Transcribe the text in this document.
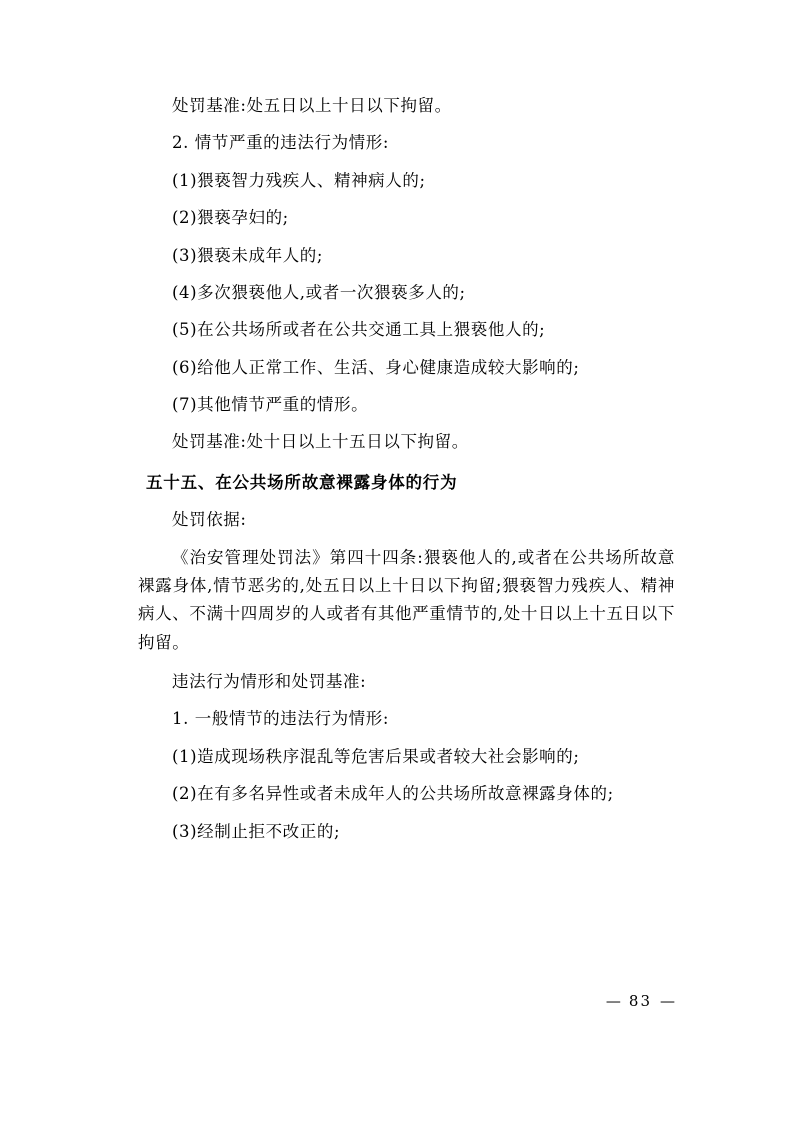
处罚基准:处五日以上十日以下拘留。

2. 情节严重的违法行为情形:

(1)猥亵智力残疾人、精神病人的;

(2)猥亵孕妇的;

(3)猥亵未成年人的;

(4)多次猥亵他人,或者一次猥亵多人的;

(5)在公共场所或者在公共交通工具上猥亵他人的;

(6)给他人正常工作、生活、身心健康造成较大影响的;

(7)其他情节严重的情形。

处罚基准:处十日以上十五日以下拘留。

五十五、在公共场所故意裸露身体的行为

处罚依据:

《治安管理处罚法》第四十四条:猥亵他人的,或者在公共场所故意裸露身体,情节恶劣的,处五日以上十日以下拘留;猥亵智力残疾人、精神病人、不满十四周岁的人或者有其他严重情节的,处十日以上十五日以下拘留。

违法行为情形和处罚基准:

1. 一般情节的违法行为情形:

(1)造成现场秩序混乱等危害后果或者较大社会影响的;

(2)在有多名异性或者未成年人的公共场所故意裸露身体的;

(3)经制止拒不改正的;

— 83 —
